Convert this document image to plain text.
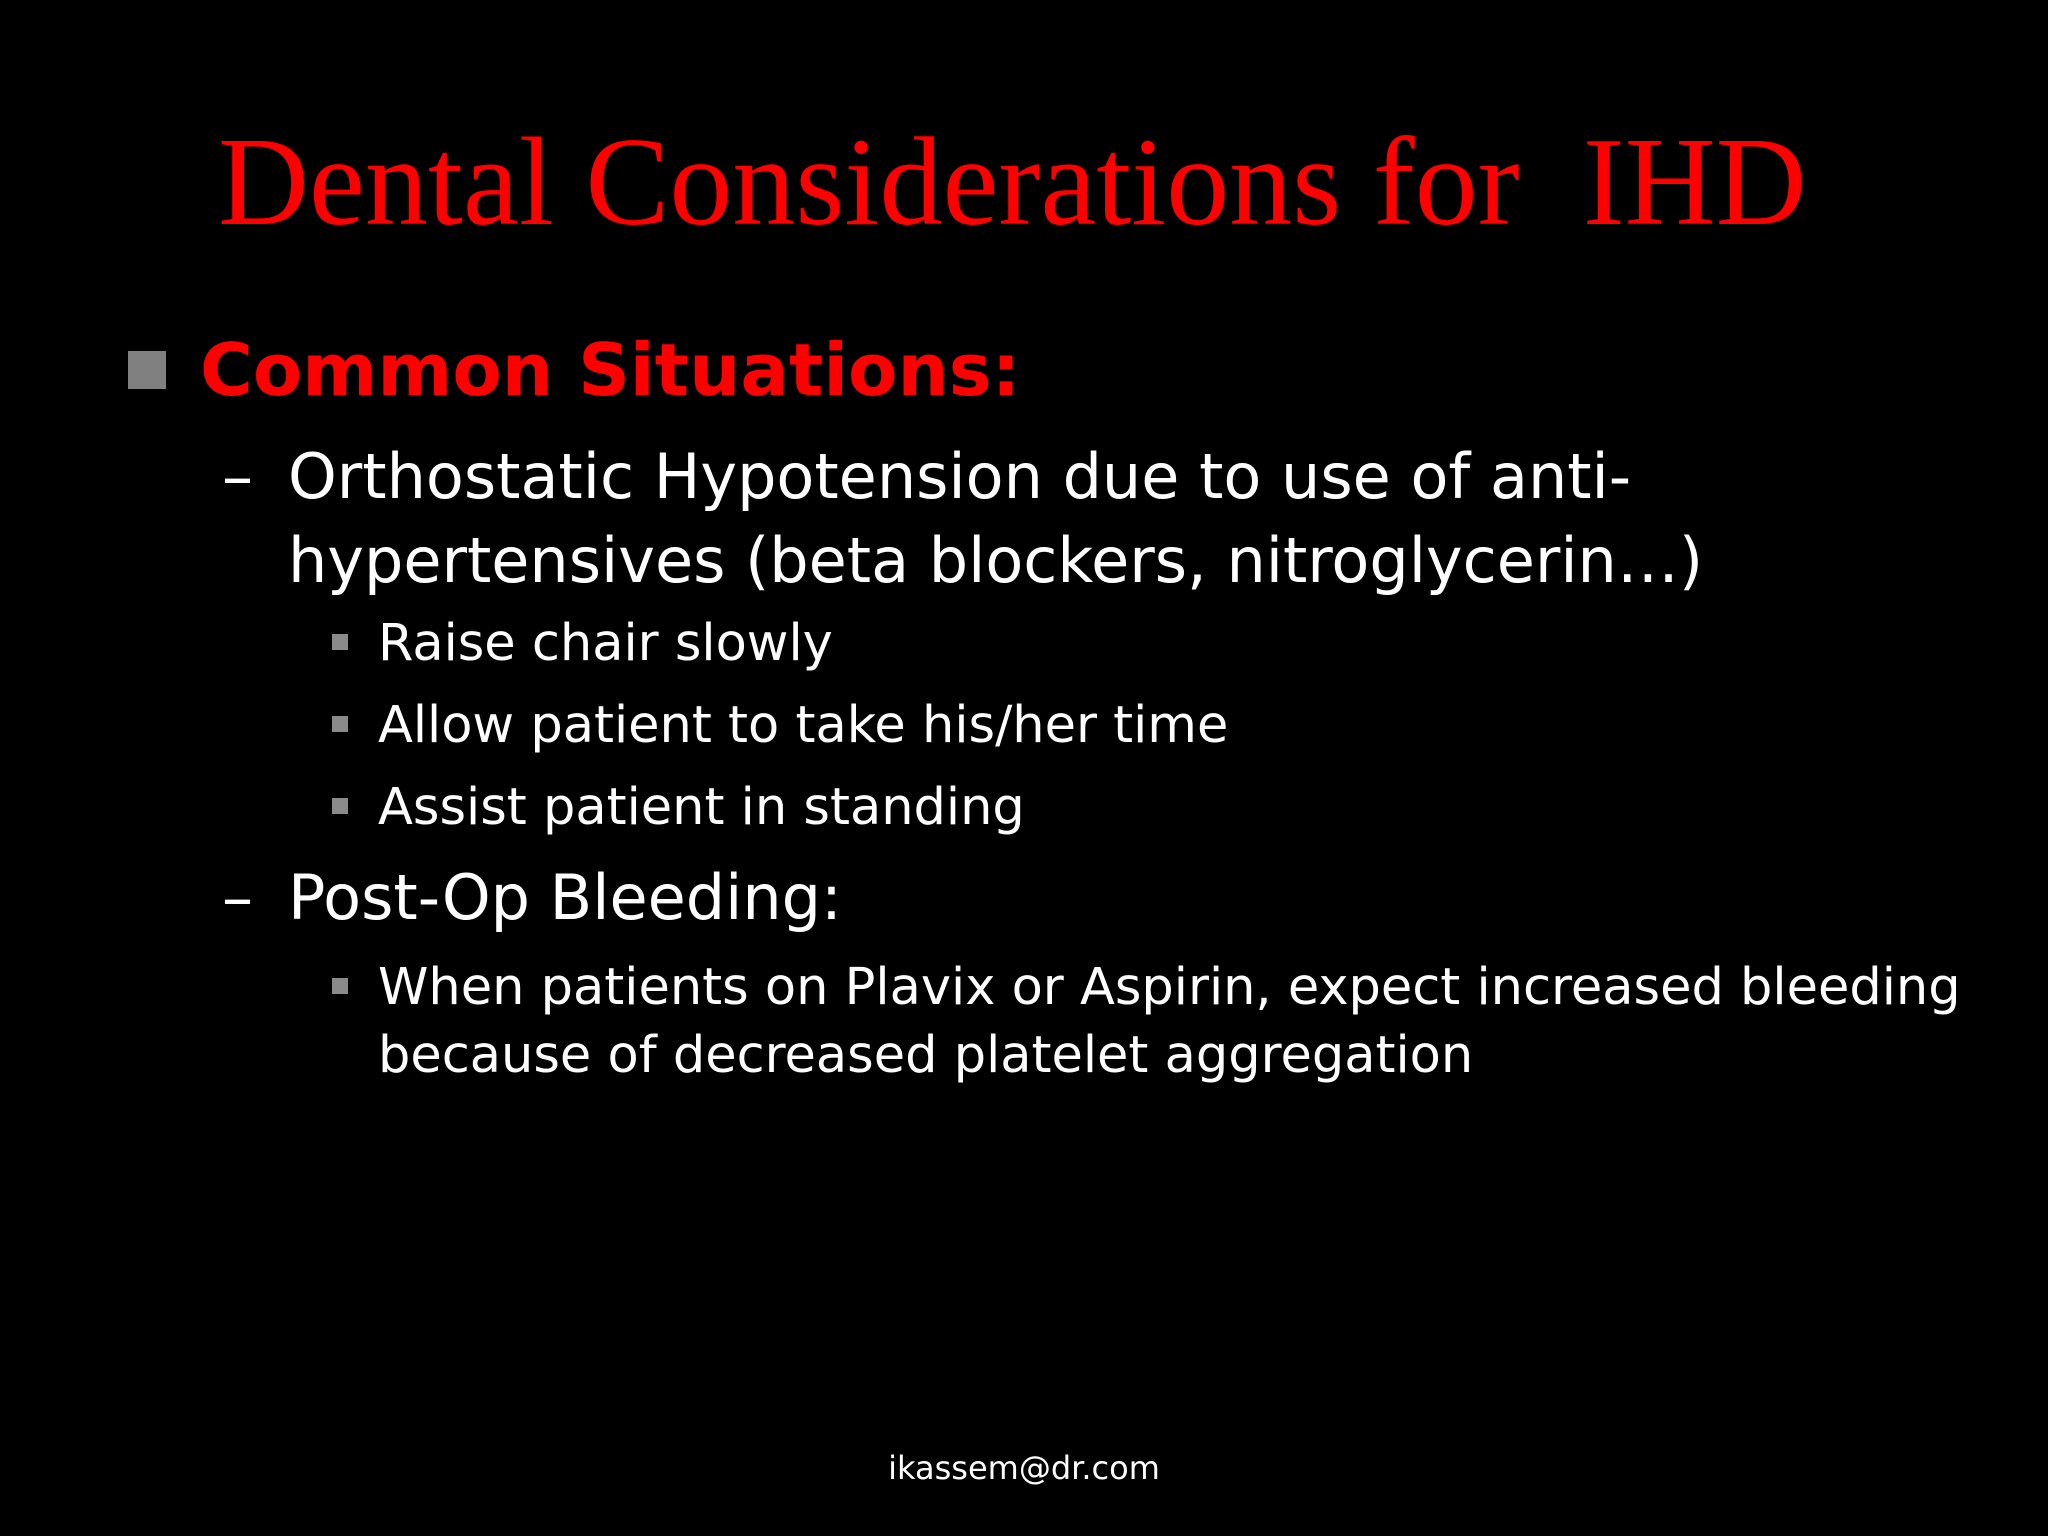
Dental Considerations for  IHD
Common Situations:
– Orthostatic Hypotension due to use of anti-
hypertensives (beta blockers, nitroglycerin…)
Raise chair slowly
Allow patient to take his/her time
Assist patient in standing
– Post-Op Bleeding:
When patients on Plavix or Aspirin, expect increased bleeding
because of decreased platelet aggregation
ikassem@dr.com
